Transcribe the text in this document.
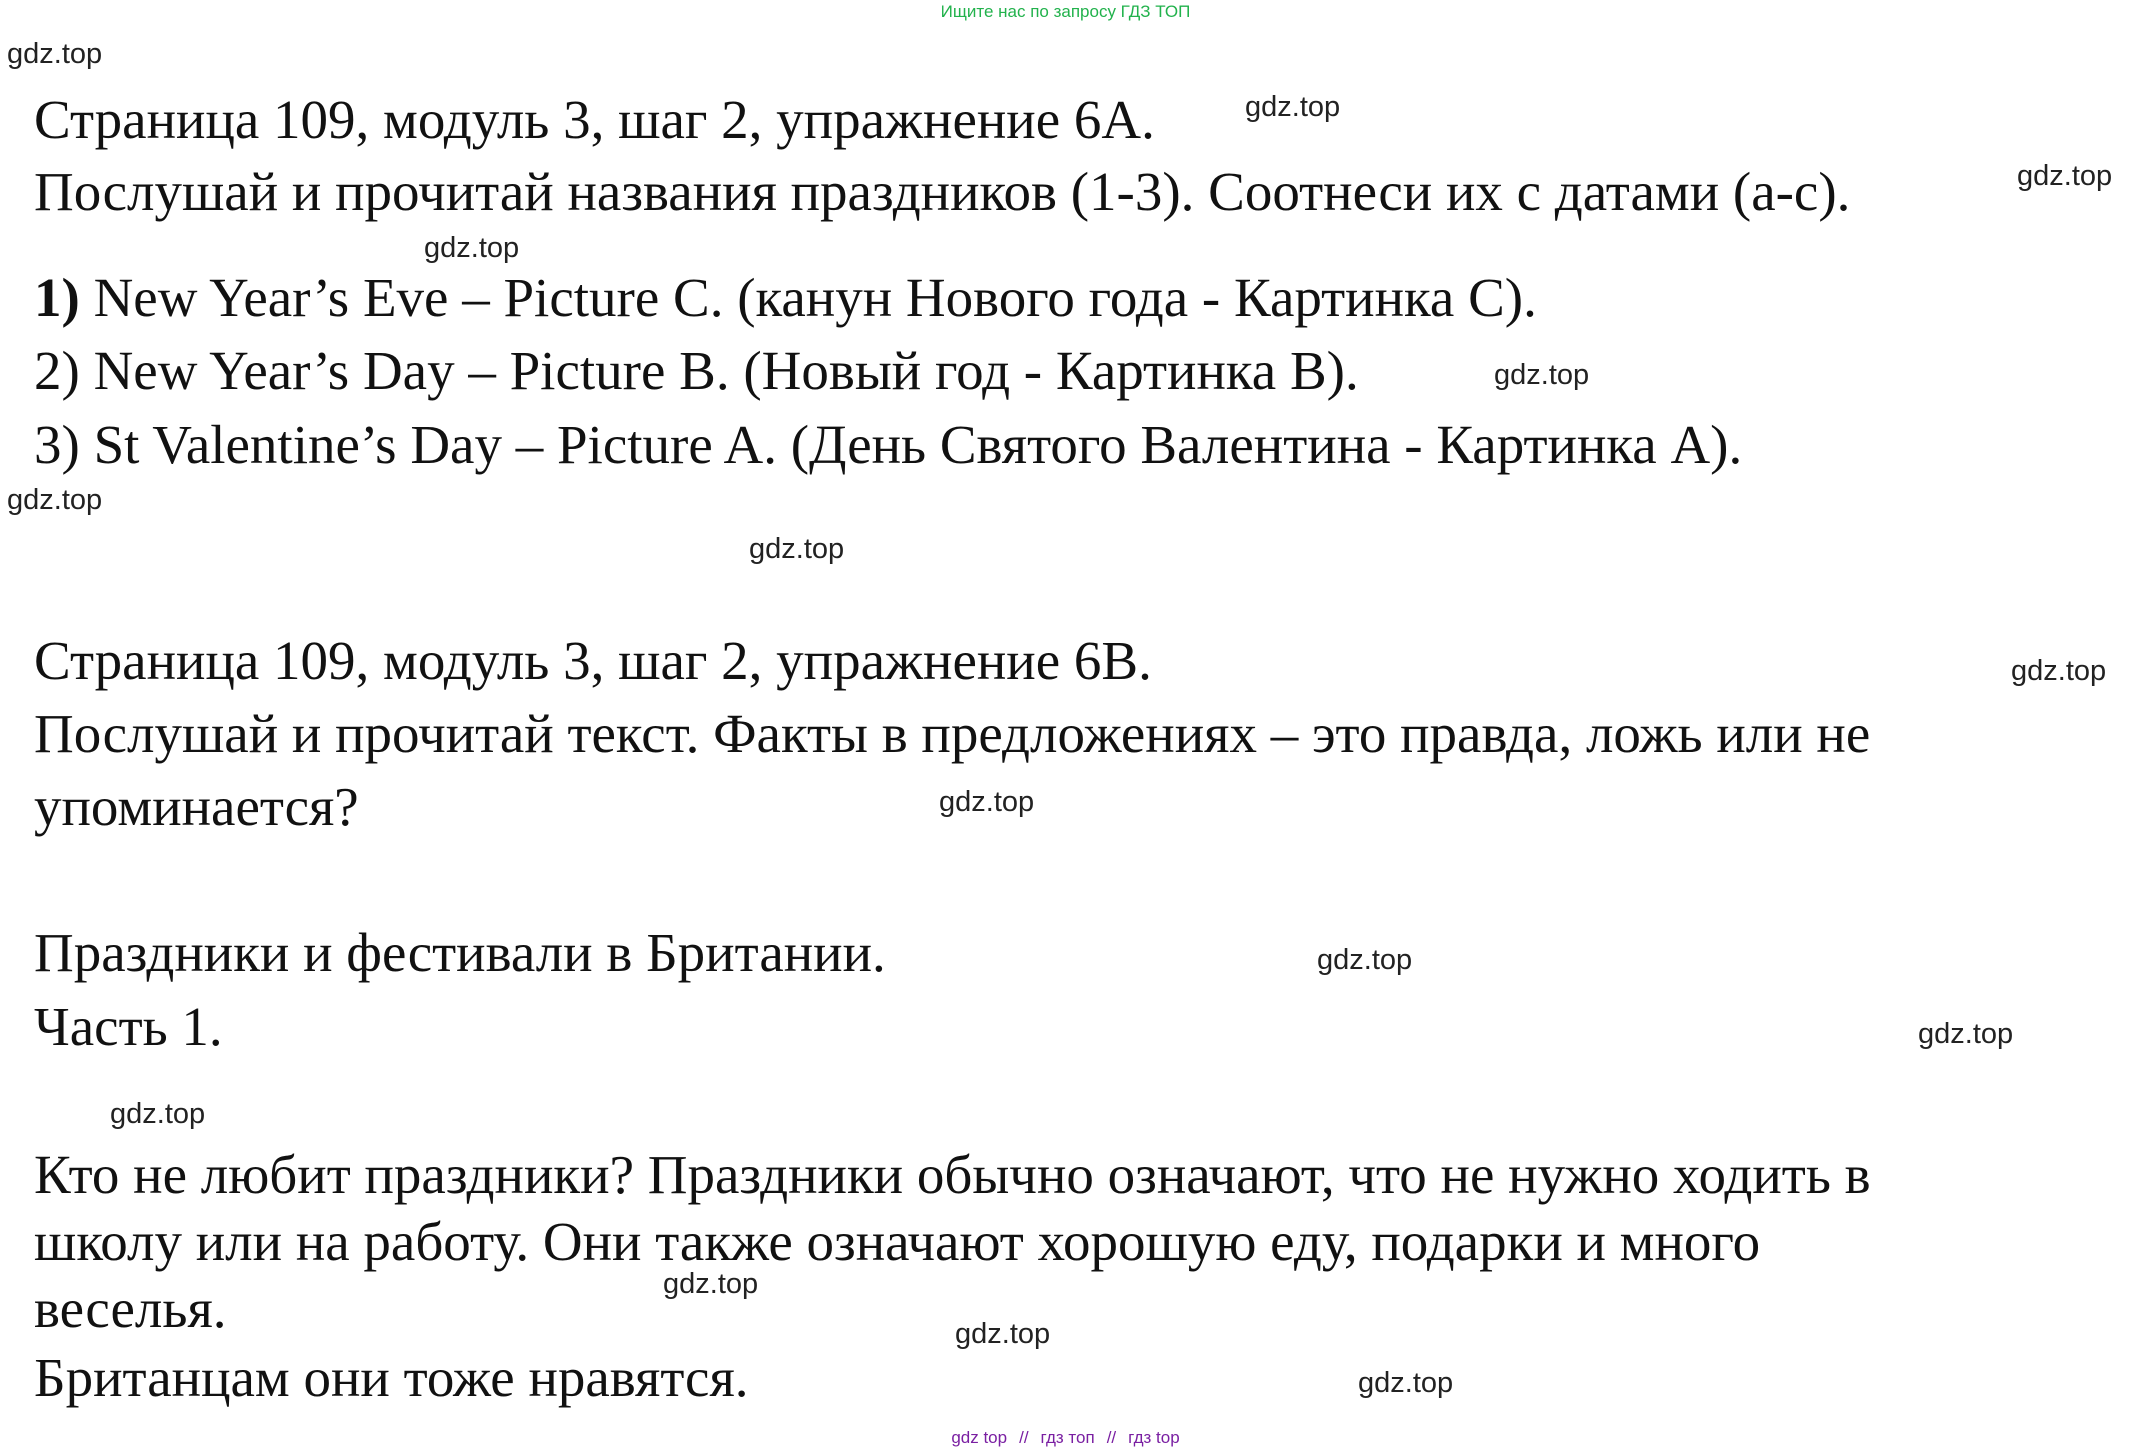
Ищите нас по запросу ГДЗ ТОП
Страница 109, модуль 3, шаг 2, упражнение 6А.
Послушай и прочитай названия праздников (1-3). Соотнеси их с датами (a-c).
1) New Year’s Eve – Picture C. (канун Нового года - Картинка C).
2) New Year’s Day – Picture B. (Новый год - Картинка B).
3) St Valentine’s Day – Picture A. (День Святого Валентина - Картинка A).
Страница 109, модуль 3, шаг 2, упражнение 6В.
Послушай и прочитай текст. Факты в предложениях – это правда, ложь или не
упоминается?
Праздники и фестивали в Британии.
Часть 1.
Кто не любит праздники? Праздники обычно означают, что не нужно ходить в
школу или на работу. Они также означают хорошую еду, подарки и много
веселья.
Британцам они тоже нравятся.
gdz.top
gdz.top
gdz.top
gdz.top
gdz.top
gdz.top
gdz.top
gdz.top
gdz.top
gdz.top
gdz.top
gdz.top
gdz.top
gdz.top
gdz.top
gdz top // гдз топ // гдз top
